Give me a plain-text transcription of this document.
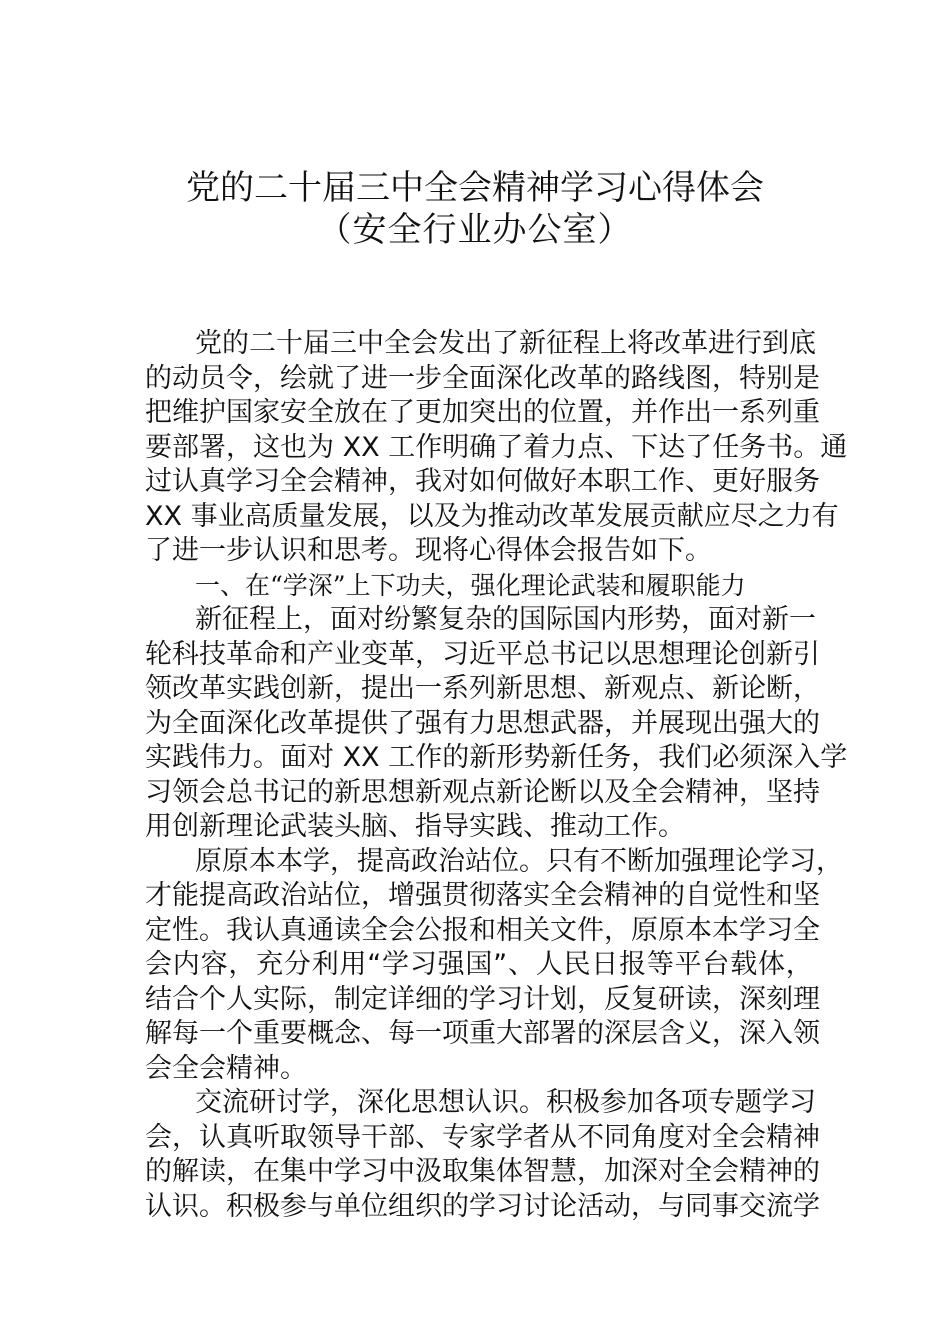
党的二十届三中全会精神学习心得体会
（安全行业办公室）
党 的 二 十 届 三 中 全 会 发 出 了 新 征 程 上 将 改 革 进 行 到 底
的 动 员 令 ， 绘 就 了 进 一 步 全 面 深 化 改 革 的 路 线 图 ， 特 别 是
把 维 护 国 家 安 全 放 在 了 更 加 突 出 的 位 置 ， 并 作 出 一 系 列 重
要 部 署 ， 这 也 为
X X
工 作 明 确 了 着 力 点 、 下 达 了 任 务 书 。 通
过 认 真 学 习 全 会 精 神 ， 我 对 如 何 做 好 本 职 工 作 、 更 好 服 务
X X
事 业 高 质 量 发 展 ， 以 及 为 推 动 改 革 发 展 贡 献 应 尽 之 力 有
了进一步认识和思考。现将心得体会报告如下。
一、在“学深”上下功夫，强化理论武装和履职能力
新 征 程 上 ， 面 对 纷 繁 复 杂 的 国 际 国 内 形 势 ， 面 对 新 一
轮 科 技 革 命 和 产 业 变 革 ， 习 近 平 总 书 记 以 思 想 理 论 创 新 引
领 改 革 实 践 创 新 ， 提 出 一 系 列 新 思 想 、 新 观 点 、 新 论 断 ，
为 全 面 深 化 改 革 提 供 了 强 有 力 思 想 武 器 ， 并 展 现 出 强 大 的
实 践 伟 力 。 面 对
X X
工 作 的 新 形 势 新 任 务 ， 我 们 必 须 深 入 学
习 领 会 总 书 记 的 新 思 想 新 观 点 新 论 断 以 及 全 会 精 神 ， 坚 持
用创新理论武装头脑、指导实践、推动工作。
原 原 本 本 学 ， 提 高 政 治 站 位 。 只 有 不 断 加 强 理 论 学 习 ，
才 能 提 高 政 治 站 位 ， 增 强 贯 彻 落 实 全 会 精 神 的 自 觉 性 和 坚
定 性 。 我 认 真 通 读 全 会 公 报 和 相 关 文 件 ， 原 原 本 本 学 习 全
会 内 容 ， 充 分 利 用 “ 学 习 强 国 ” 、 人 民 日 报 等 平 台 载 体 ，
结 合 个 人 实 际 ， 制 定 详 细 的 学 习 计 划 ， 反 复 研 读 ， 深 刻 理
解 每 一 个 重 要 概 念 、 每 一 项 重 大 部 署 的 深 层 含 义 ， 深 入 领
会全会精神。
交 流 研 讨 学 ， 深 化 思 想 认 识 。 积 极 参 加 各 项 专 题 学 习
会 ， 认 真 听 取 领 导 干 部 、 专 家 学 者 从 不 同 角 度 对 全 会 精 神
的 解 读 ， 在 集 中 学 习 中 汲 取 集 体 智 慧 ， 加 深 对 全 会 精 神 的
认 识 。 积 极 参 与 单 位 组 织 的 学 习 讨 论 活 动 ， 与 同 事 交 流 学
